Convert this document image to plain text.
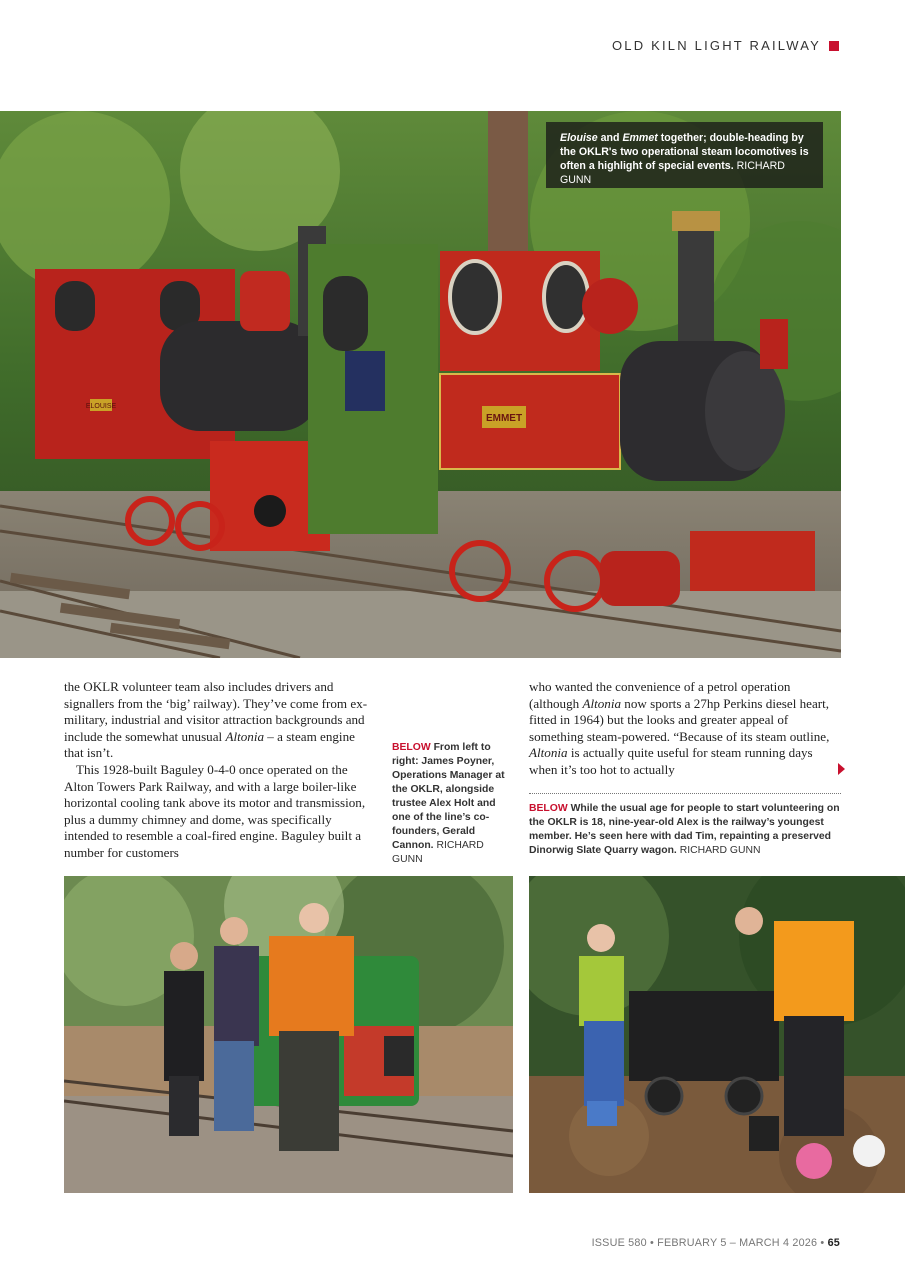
OLD KILN LIGHT RAILWAY
ELOUISE
EMMET
Elouise and Emmet together; double-heading by the OKLR's two operational steam locomotives is often a highlight of special events. RICHARD GUNN

the OKLR volunteer team also includes drivers and signallers from the ‘big’ railway). They’ve come from ex-military, industrial and visitor attraction backgrounds and include the somewhat unusual Altonia – a steam engine that isn’t.

This 1928-built Baguley 0-4-0 once operated on the Alton Towers Park Railway, and with a large boiler-like horizontal cooling tank above its motor and transmission, plus a dummy chimney and dome, was specifically intended to resemble a coal-fired engine. Baguley built a number for customers

BELOW From left to right: James Poyner, Operations Manager at the OKLR, alongside trustee Alex Holt and one of the line’s co-founders, Gerald Cannon. RICHARD GUNN

who wanted the convenience of a petrol operation (although Altonia now sports a 27hp Perkins diesel heart, fitted in 1964) but the looks and greater appeal of something steam-powered. “Because of its steam outline, Altonia is actually quite useful for steam running days when it’s too hot to actually

BELOW While the usual age for people to start volunteering on the OKLR is 18, nine-year-old Alex is the railway’s youngest member. He’s seen here with dad Tim, repainting a preserved Dinorwig Slate Quarry wagon. RICHARD GUNN
ISSUE 580 • FEBRUARY 5 – MARCH 4 2026 • 65
